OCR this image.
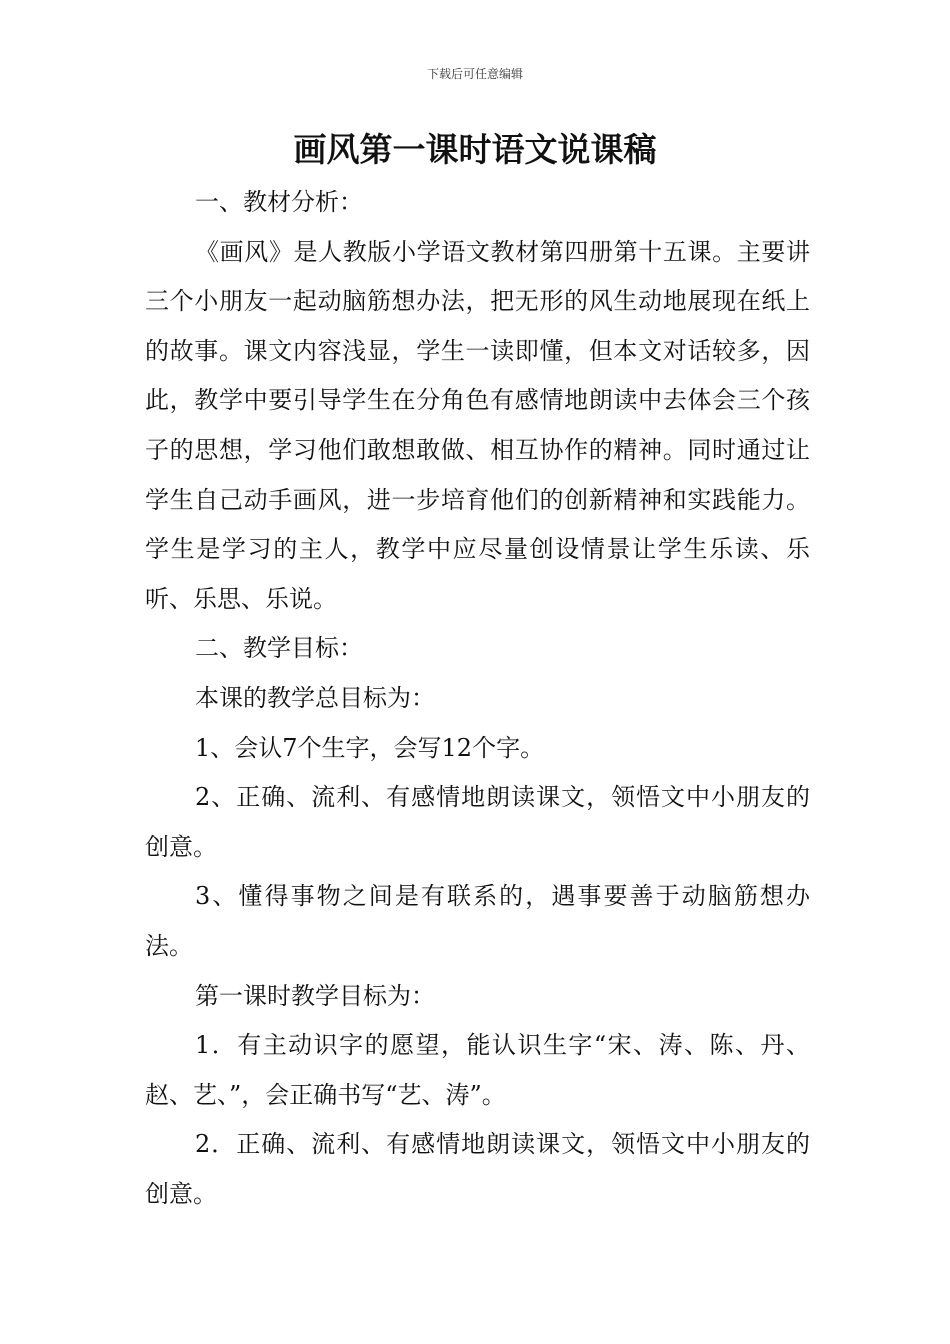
下载后可任意编辑
画风第一课时语文说课稿

一、教材分析：

《画风》是人教版小学语文教材第四册第十五课。主要讲三个小朋友一起动脑筋想办法，把无形的风生动地展现在纸上的故事。课文内容浅显，学生一读即懂，但本文对话较多，因此，教学中要引导学生在分角色有感情地朗读中去体会三个孩子的思想，学习他们敢想敢做、相互协作的精神。同时通过让学生自己动手画风，进一步培育他们的创新精神和实践能力。学生是学习的主人，教学中应尽量创设情景让学生乐读、乐听、乐思、乐说。

二、教学目标：

本课的教学总目标为：

1、会认7个生字，会写12个字。

2、正确、流利、有感情地朗读课文，领悟文中小朋友的创意。

3、懂得事物之间是有联系的，遇事要善于动脑筋想办法。

第一课时教学目标为：

1．有主动识字的愿望，能认识生字“宋、涛、陈、丹、赵、艺、”，会正确书写“艺、涛”。

2．正确、流利、有感情地朗读课文，领悟文中小朋友的创意。
